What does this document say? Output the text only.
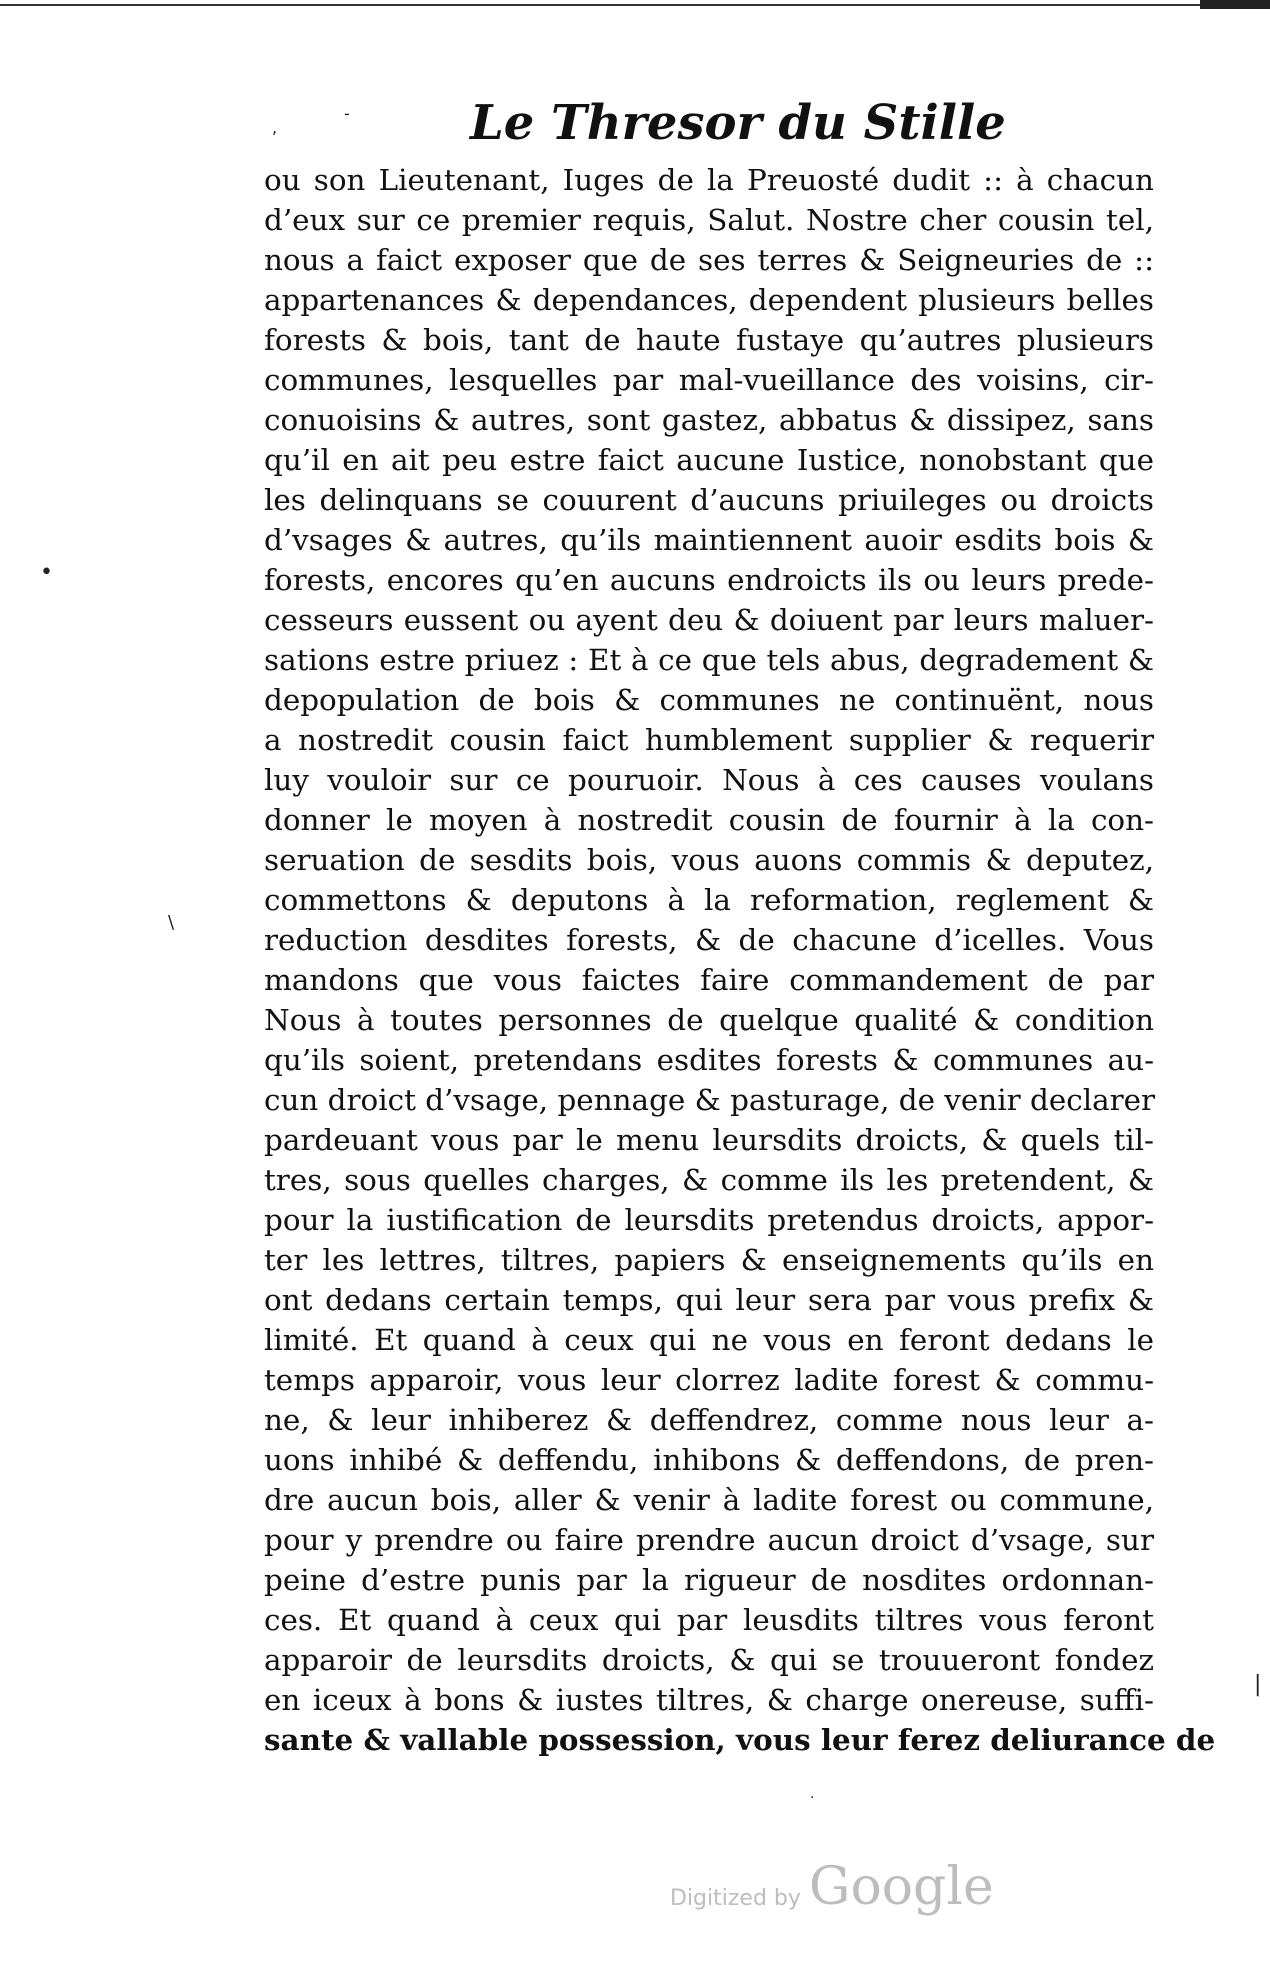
Le Thresor du Stille
,
-
•
\
|
·
ou son Lieutenant, Iuges de la Preuosté dudit :: à chacun
d’eux sur ce premier requis, Salut. Nostre cher cousin tel,
nous a faict exposer que de ses terres & Seigneuries de ::
appartenances & dependances, dependent plusieurs belles
forests & bois, tant de haute fustaye qu’autres plusieurs
communes, lesquelles par mal-vueillance des voisins, cir-
conuoisins & autres, sont gastez, abbatus & dissipez, sans
qu’il en ait peu estre faict aucune Iustice, nonobstant que
les delinquans se couurent d’aucuns priuileges ou droicts
d’vsages & autres, qu’ils maintiennent auoir esdits bois &
forests, encores qu’en aucuns endroicts ils ou leurs prede-
cesseurs eussent ou ayent deu & doiuent par leurs maluer-
sations estre priuez : Et à ce que tels abus, degradement &
depopulation de bois & communes ne continuënt, nous
a nostredit cousin faict humblement supplier & requerir
luy vouloir sur ce pouruoir. Nous à ces causes voulans
donner le moyen à nostredit cousin de fournir à la con-
seruation de sesdits bois, vous auons commis & deputez,
commettons & deputons à la reformation, reglement &
reduction desdites forests, & de chacune d’icelles. Vous
mandons que vous faictes faire commandement de par
Nous à toutes personnes de quelque qualité & condition
qu’ils soient, pretendans esdites forests & communes au-
cun droict d’vsage, pennage & pasturage, de venir declarer
pardeuant vous par le menu leursdits droicts, & quels til-
tres, sous quelles charges, & comme ils les pretendent, &
pour la iustification de leursdits pretendus droicts, appor-
ter les lettres, tiltres, papiers & enseignements qu’ils en
ont dedans certain temps, qui leur sera par vous prefix &
limité. Et quand à ceux qui ne vous en feront dedans le
temps apparoir, vous leur clorrez ladite forest & commu-
ne, & leur inhiberez & deffendrez, comme nous leur a-
uons inhibé & deffendu, inhibons & deffendons, de pren-
dre aucun bois, aller & venir à ladite forest ou commune,
pour y prendre ou faire prendre aucun droict d’vsage, sur
peine d’estre punis par la rigueur de nosdites ordonnan-
ces. Et quand à ceux qui par leusdits tiltres vous feront
apparoir de leursdits droicts, & qui se trouueront fondez
en iceux à bons & iustes tiltres, & charge onereuse, suffi-
sante & vallable possession, vous leur ferez deliurance de
Digitized by Google
